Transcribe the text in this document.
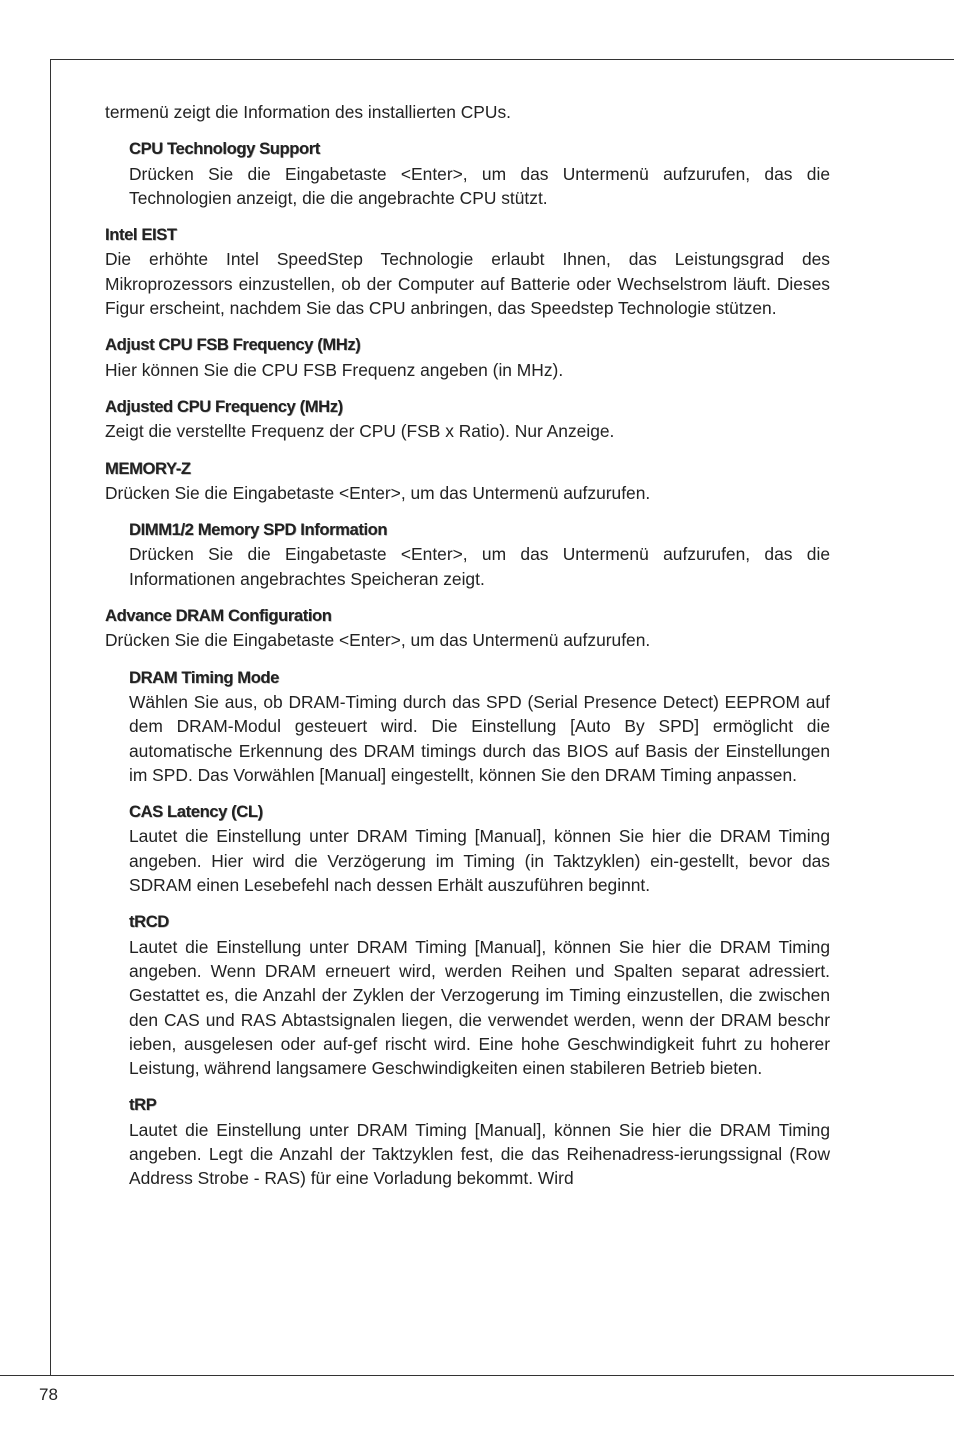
termenü zeigt die Information des installierten CPUs.

CPU Technology Support

Drücken Sie die Eingabetaste <Enter>, um das Untermenü aufzurufen, das die Technologien anzeigt, die die angebrachte CPU stützt.

Intel EIST

Die erhöhte Intel SpeedStep Technologie erlaubt Ihnen, das Leistungsgrad des Mikroprozessors einzustellen, ob der Computer auf Batterie oder Wechselstrom läuft. Dieses Figur erscheint, nachdem Sie das CPU anbringen, das Speedstep Technologie stützen.

Adjust CPU FSB Frequency (MHz)

Hier können Sie die CPU FSB Frequenz angeben (in MHz).

Adjusted CPU Frequency (MHz)

Zeigt die verstellte Frequenz der CPU (FSB x Ratio). Nur Anzeige.

MEMORY-Z

Drücken Sie die Eingabetaste <Enter>, um das Untermenü aufzurufen.

DIMM1/2 Memory SPD Information

Drücken Sie die Eingabetaste <Enter>, um das Untermenü aufzurufen, das die Informationen angebrachtes Speicheran zeigt.

Advance DRAM Configuration

Drücken Sie die Eingabetaste <Enter>, um das Untermenü aufzurufen.

DRAM Timing Mode

Wählen Sie aus, ob DRAM-Timing durch das SPD (Serial Presence Detect) EEPROM auf dem DRAM-Modul gesteuert wird. Die Einstellung [Auto By SPD] ermöglicht die automatische Erkennung des DRAM timings durch das BIOS auf Basis der Einstellungen im SPD. Das Vorwählen [Manual] eingestellt, können Sie den DRAM Timing anpassen.

CAS Latency (CL)

Lautet die Einstellung unter DRAM Timing [Manual], können Sie hier die DRAM Timing angeben. Hier wird die Verzögerung im Timing (in Taktzyklen) ein-gestellt, bevor das SDRAM einen Lesebefehl nach dessen Erhält auszuführen beginnt.

tRCD

Lautet die Einstellung unter DRAM Timing [Manual], können Sie hier die DRAM Timing angeben. Wenn DRAM erneuert wird, werden Reihen und Spalten separat adressiert. Gestattet es, die Anzahl der Zyklen der Verzogerung im Timing einzustellen, die zwischen den CAS und RAS Abtastsignalen liegen, die verwendet werden, wenn der DRAM beschr ieben, ausgelesen oder auf-gef rischt wird. Eine hohe Geschwindigkeit fuhrt zu hoherer Leistung, während langsamere Geschwindigkeiten einen stabileren Betrieb bieten.

tRP

Lautet die Einstellung unter DRAM Timing [Manual], können Sie hier die DRAM Timing angeben. Legt die Anzahl der Taktzyklen fest, die das Reihenadress-ierungssignal (Row Address Strobe - RAS) für eine Vorladung bekommt. Wird

78
